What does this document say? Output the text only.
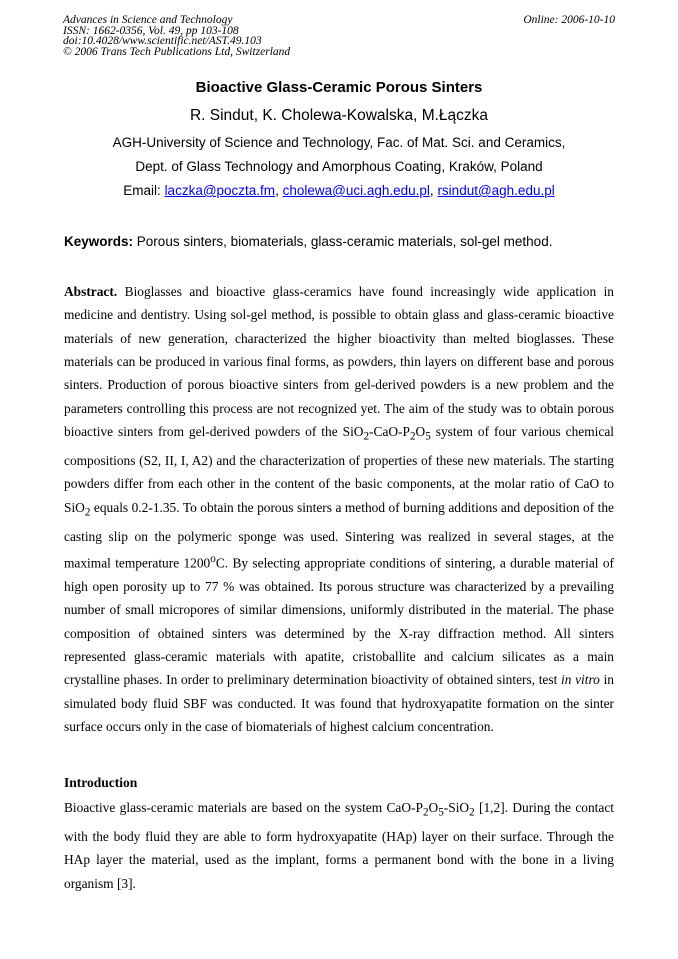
Advances in Science and Technology
ISSN: 1662-0356, Vol. 49, pp 103-108
doi:10.4028/www.scientific.net/AST.49.103
© 2006 Trans Tech Publications Ltd, Switzerland
Online: 2006-10-10
Bioactive Glass-Ceramic Porous Sinters
R. Sindut, K. Cholewa-Kowalska, M.Łączka
AGH-University of Science and Technology, Fac. of Mat. Sci. and Ceramics,
Dept. of Glass Technology and Amorphous Coating, Kraków, Poland
Email: laczka@poczta.fm, cholewa@uci.agh.edu.pl, rsindut@agh.edu.pl
Keywords: Porous sinters, biomaterials, glass-ceramic materials, sol-gel method.
Abstract. Bioglasses and bioactive glass-ceramics have found increasingly wide application in medicine and dentistry. Using sol-gel method, is possible to obtain glass and glass-ceramic bioactive materials of new generation, characterized the higher bioactivity than melted bioglasses. These materials can be produced in various final forms, as powders, thin layers on different base and porous sinters. Production of porous bioactive sinters from gel-derived powders is a new problem and the parameters controlling this process are not recognized yet. The aim of the study was to obtain porous bioactive sinters from gel-derived powders of the $SiO_2-CaO-P_2O_5$ system of four various chemical compositions (S2, II, I, A2) and the characterization of properties of these new materials. The starting powders differ from each other in the content of the basic components, at the molar ratio of CaO to SiO$_2$ equals 0.2-1.35. To obtain the porous sinters a method of burning additions and deposition of the casting slip on the polymeric sponge was used. Sintering was realized in several stages, at the maximal temperature 1200$^o$C. By selecting appropriate conditions of sintering, a durable material of high open porosity up to 77 % was obtained. Its porous structure was characterized by a prevailing number of small micropores of similar dimensions, uniformly distributed in the material. The phase composition of obtained sinters was determined by the X-ray diffraction method. All sinters represented glass-ceramic materials with apatite, cristoballite and calcium silicates as a main crystalline phases. In order to preliminary determination bioactivity of obtained sinters, test in vitro in simulated body fluid SBF was conducted. It was found that hydroxyapatite formation on the sinter surface occurs only in the case of biomaterials of highest calcium concentration.
Introduction
Bioactive glass-ceramic materials are based on the system CaO-$P_2O_5-SiO_2$ [1,2]. During the contact with the body fluid they are able to form hydroxyapatite (HAp) layer on their surface. Through the HAp layer the material, used as the implant, forms a permanent bond with the bone in a living organism [3].
